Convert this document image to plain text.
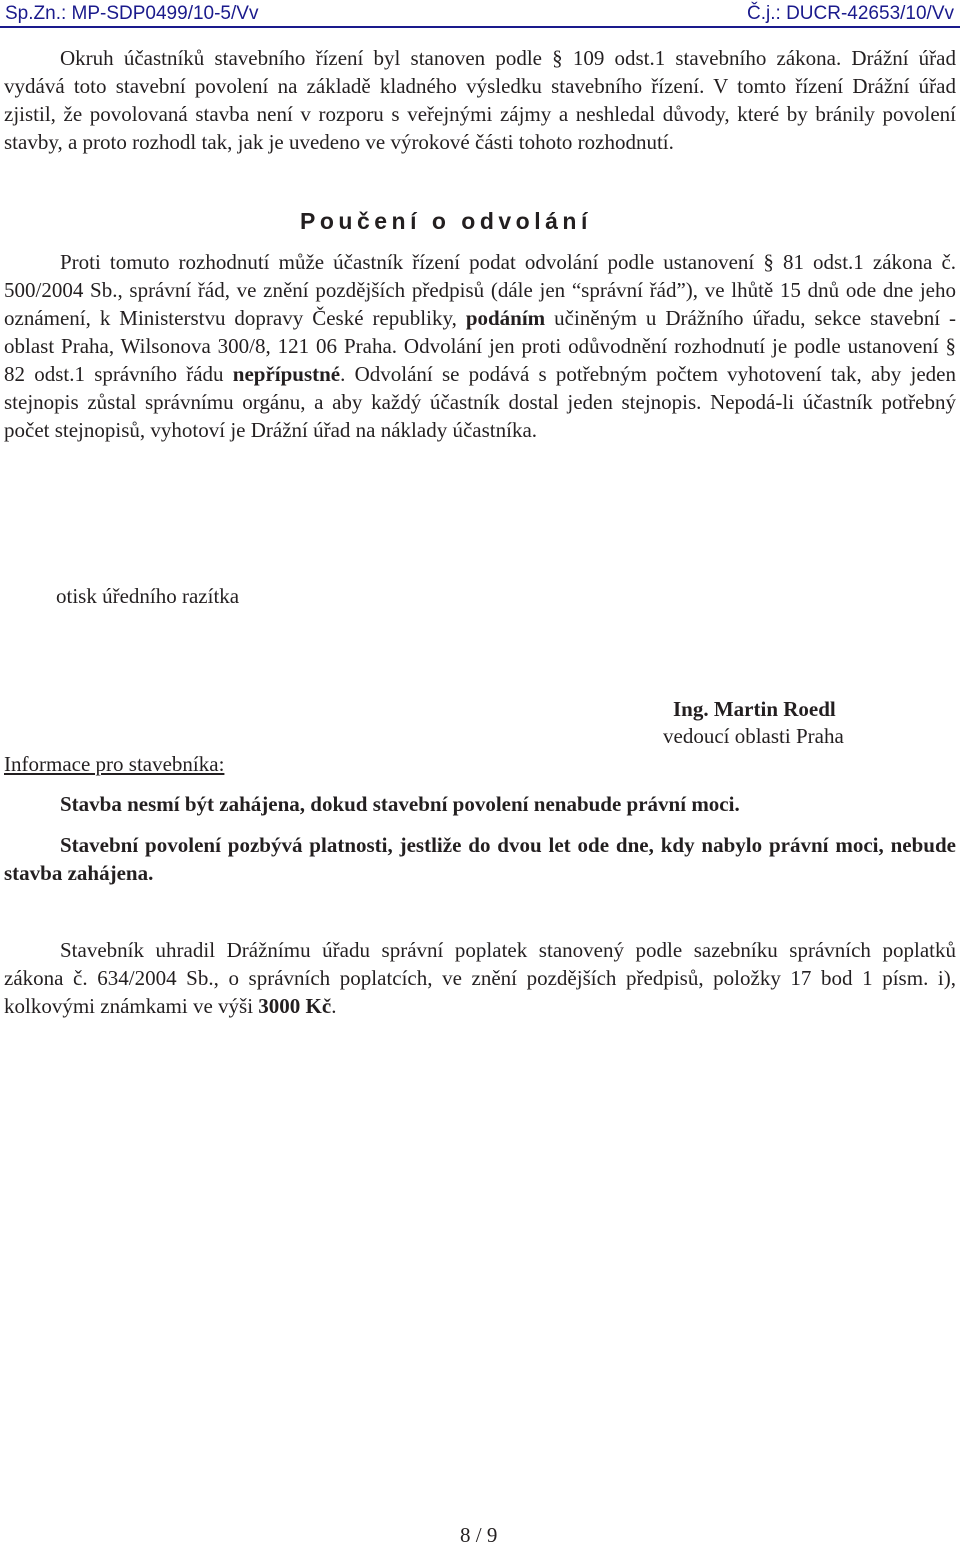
Sp.Zn.: MP-SDP0499/10-5/Vv	Č.j.: DUCR-42653/10/Vv
Okruh účastníků stavebního řízení byl stanoven podle § 109 odst.1 stavebního zákona. Drážní úřad vydává toto stavební povolení na základě kladného výsledku stavebního řízení. V tomto řízení Drážní úřad zjistil, že povolovaná stavba není v rozporu s veřejnými zájmy a neshledal důvody, které by bránily povolení stavby, a proto rozhodl tak, jak je uvedeno ve výrokové části tohoto rozhodnutí.
Poučení o odvolání
Proti tomuto rozhodnutí může účastník řízení podat odvolání podle ustanovení § 81 odst.1 zákona č. 500/2004 Sb., správní řád, ve znění pozdějších předpisů (dále jen “správní řád”), ve lhůtě 15 dnů ode dne jeho oznámení, k Ministerstvu dopravy České republiky, podáním učiněným u Drážního úřadu, sekce stavební - oblast Praha, Wilsonova 300/8, 121 06 Praha. Odvolání jen proti odůvodnění rozhodnutí je podle ustanovení § 82 odst.1 správního řádu nepřípustné. Odvolání se podává s potřebným počtem vyhotovení tak, aby jeden stejnopis zůstal správnímu orgánu, a aby každý účastník dostal jeden stejnopis. Nepodá-li účastník potřebný počet stejnopisů, vyhotoví je Drážní úřad na náklady účastníka.
otisk úředního razítka
Ing. Martin Roedl
vedoucí oblasti Praha
Informace pro stavebníka:
Stavba nesmí být zahájena, dokud stavební povolení nenabude právní moci.
Stavební povolení pozbývá platnosti, jestliže do dvou let ode dne, kdy nabylo právní moci, nebude stavba zahájena.
Stavebník uhradil Drážnímu úřadu správní poplatek stanovený podle sazebníku správních poplatků zákona č. 634/2004 Sb., o správních poplatcích, ve znění pozdějších předpisů, položky 17 bod 1 písm. i), kolkovými známkami ve výši 3000 Kč.
8 / 9
